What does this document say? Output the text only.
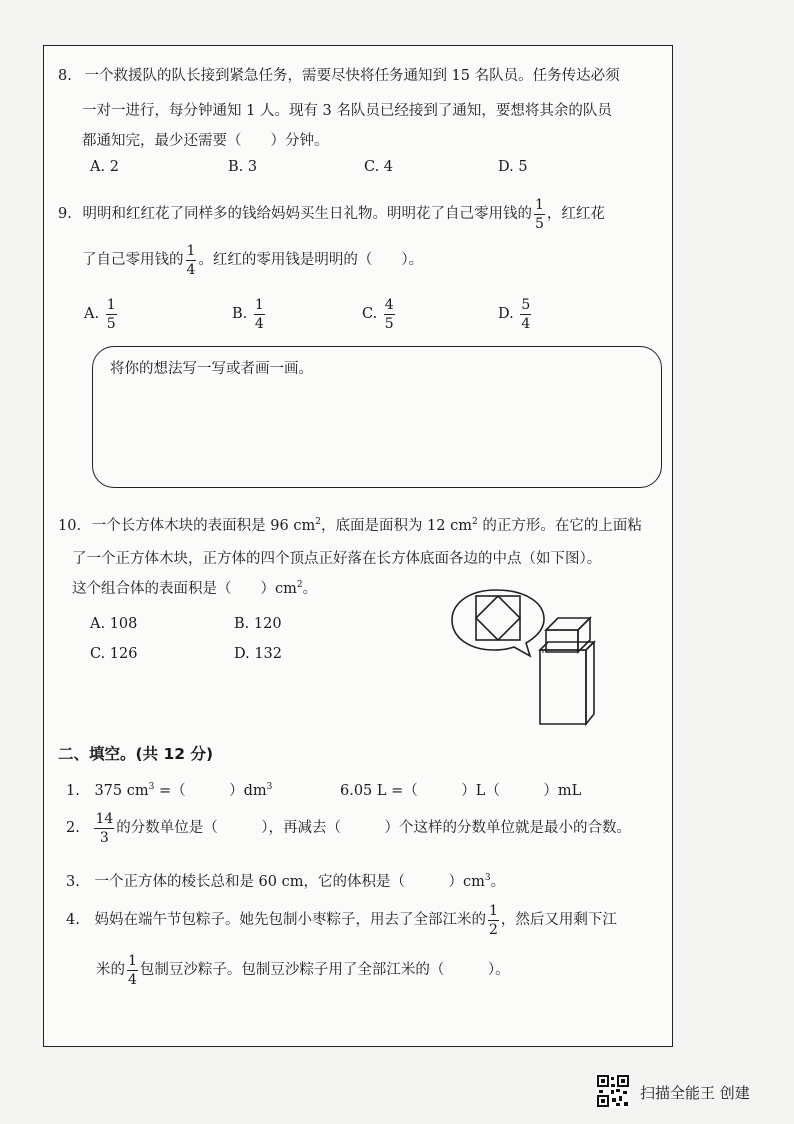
8. 一个救援队的队长接到紧急任务，需要尽快将任务通知到 15 名队员。任务传达必须
一对一进行，每分钟通知 1 人。现有 3 名队员已经接到了通知，要想将其余的队员
都通知完，最少还需要（　　）分钟。
A. 2	B. 3	C. 4	D. 5
9. 明明和红红花了同样多的钱给妈妈买生日礼物。明明花了自己零用钱的 $\frac{1}{5}$ ，红红花
了自己零用钱的 $\frac{1}{4}$ 。红红的零用钱是明明的（　　）。
A. $\frac{1}{5}$	B. $\frac{1}{4}$	C. $\frac{4}{5}$	D. $\frac{5}{4}$
将你的想法写一写或者画一画。
10. 一个长方体木块的表面积是 96 $cm^2$，底面是面积为 12 $cm^2$ 的正方形。在它的上面粘
了一个正方体木块，正方体的四个顶点正好落在长方体底面各边的中点（如下图）。
这个组合体的表面积是（　　）$cm^2$。
A. 108	B. 120
C. 126	D. 132
二、填空。(共 12 分)
1. 375 $cm^3$ =（　　　）$dm^3$	6.05 L =（　　　）L（　　　）mL
2. $\frac{14}{3}$ 的分数单位是（　　　），再减去（　　　）个这样的分数单位就是最小的合数。
3. 一个正方体的棱长总和是 60 cm，它的体积是（　　　）$cm^3$。
4. 妈妈在端午节包粽子。她先包制小枣粽子，用去了全部江米的 $\frac{1}{2}$ ，然后又用剩下江
米的 $\frac{1}{4}$ 包制豆沙粽子。包制豆沙粽子用了全部江米的（　　　）。
扫描全能王 创建
